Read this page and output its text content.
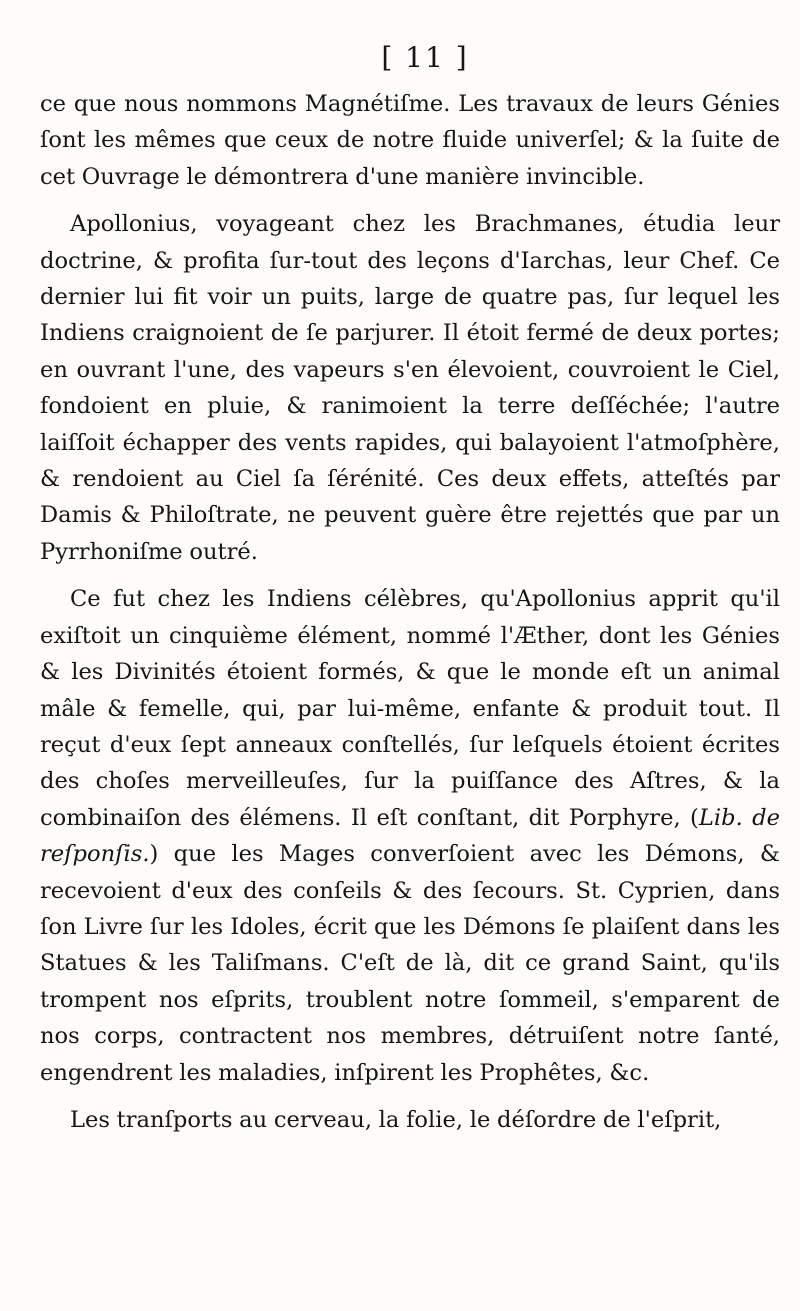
[ 11 ]

ce que nous nommons Magnétiſme. Les travaux de leurs Génies ſont les mêmes que ceux de notre fluide univerſel; & la ſuite de cet Ouvrage le démontrera d'une manière invincible.

Apollonius, voyageant chez les Brachmanes, étudia leur doctrine, & profita ſur-tout des leçons d'Iarchas, leur Chef. Ce dernier lui fit voir un puits, large de quatre pas, ſur lequel les Indiens craignoient de ſe parjurer. Il étoit fermé de deux portes; en ouvrant l'une, des vapeurs s'en élevoient, couvroient le Ciel, fondoient en pluie, & ranimoient la terre deſſéchée; l'autre laiſſoit échapper des vents rapides, qui balayoient l'atmoſphère, & rendoient au Ciel ſa ſérénité. Ces deux effets, atteſtés par Damis & Philoſtrate, ne peuvent guère être rejettés que par un Pyrrhoniſme outré.

Ce fut chez les Indiens célèbres, qu'Apollonius apprit qu'il exiſtoit un cinquième élément, nommé l'Æther, dont les Génies & les Divinités étoient formés, & que le monde eſt un animal mâle & femelle, qui, par lui-même, enfante & produit tout. Il reçut d'eux ſept anneaux conſtellés, ſur leſquels étoient écrites des choſes merveilleuſes, ſur la puiſſance des Aſtres, & la combinaiſon des élémens. Il eſt conſtant, dit Porphyre, (Lib. de reſponſis.) que les Mages converſoient avec les Démons, & recevoient d'eux des conſeils & des ſecours. St. Cyprien, dans ſon Livre ſur les Idoles, écrit que les Démons ſe plaiſent dans les Statues & les Taliſmans. C'eſt de là, dit ce grand Saint, qu'ils trompent nos eſprits, troublent notre ſommeil, s'emparent de nos corps, contractent nos membres, détruiſent notre ſanté, engendrent les maladies, inſpirent les Prophêtes, &c.

Les tranſports au cerveau, la folie, le déſordre de l'eſprit,
